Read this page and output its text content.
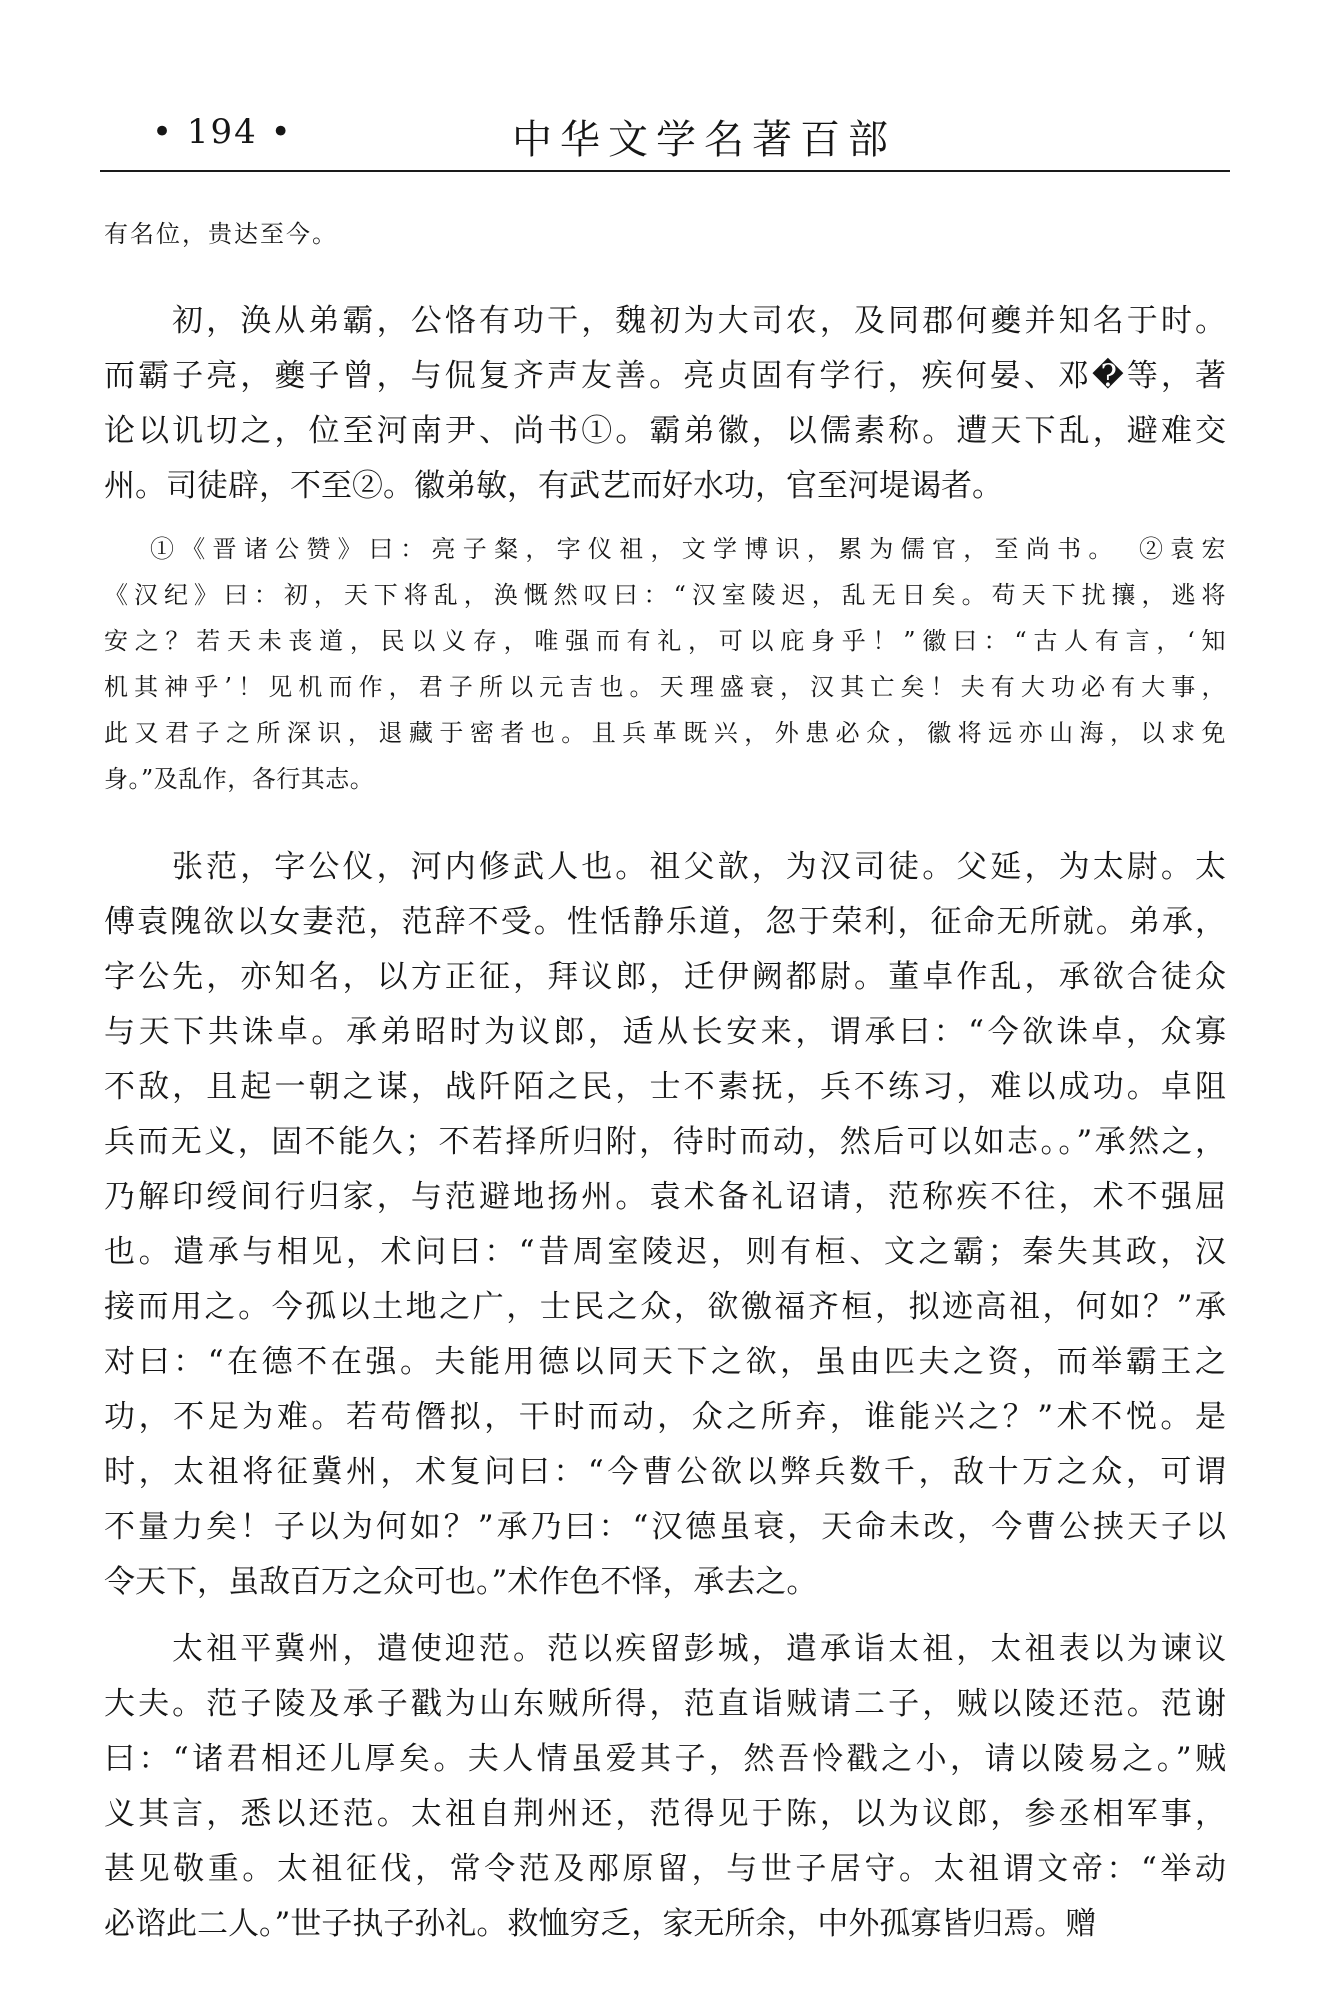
• 194 •	中华文学名著百部
有名位，贵达至今。
初，涣从弟霸，公恪有功干，魏初为大司农，及同郡何夔并知名于时。
而霸子亮，夔子曾，与侃复齐声友善。亮贞固有学行，疾何晏、邓�等，著
论以讥切之，位至河南尹、尚书①。霸弟徽，以儒素称。遭天下乱，避难交
州。司徒辟，不至②。徽弟敏，有武艺而好水功，官至河堤谒者。
①《晋诸公赞》曰：亮子粲，字仪祖，文学博识，累为儒官，至尚书。　②袁宏
《汉纪》曰：初，天下将乱，涣慨然叹曰：“汉室陵迟，乱无日矣。苟天下扰攘，逃将
安之？若天未丧道，民以义存，唯强而有礼，可以庇身乎！”徽曰：“古人有言，‘知
机其神乎’！见机而作，君子所以元吉也。天理盛衰，汉其亡矣！夫有大功必有大事，
此又君子之所深识，退藏于密者也。且兵革既兴，外患必众，徽将远亦山海，以求免
身。”及乱作，各行其志。
张范，字公仪，河内修武人也。祖父歆，为汉司徒。父延，为太尉。太
傅袁隗欲以女妻范，范辞不受。性恬静乐道，忽于荣利，征命无所就。弟承，
字公先，亦知名，以方正征，拜议郎，迁伊阙都尉。董卓作乱，承欲合徒众
与天下共诛卓。承弟昭时为议郎，适从长安来，谓承曰：“今欲诛卓，众寡
不敌，且起一朝之谋，战阡陌之民，士不素抚，兵不练习，难以成功。卓阻
兵而无义，固不能久；不若择所归附，待时而动，然后可以如志。。”承然之，
乃解印绶间行归家，与范避地扬州。袁术备礼诏请，范称疾不往，术不强屈
也。遣承与相见，术问曰：“昔周室陵迟，则有桓、文之霸；秦失其政，汉
接而用之。今孤以土地之广，士民之众，欲徼福齐桓，拟迹高祖，何如？”承
对曰：“在德不在强。夫能用德以同天下之欲，虽由匹夫之资，而举霸王之
功，不足为难。若苟僭拟，干时而动，众之所弃，谁能兴之？”术不悦。是
时，太祖将征冀州，术复问曰：“今曹公欲以弊兵数千，敌十万之众，可谓
不量力矣！子以为何如？”承乃曰：“汉德虽衰，天命未改，今曹公挟天子以
令天下，虽敌百万之众可也。”术作色不怿，承去之。
太祖平冀州，遣使迎范。范以疾留彭城，遣承诣太祖，太祖表以为谏议
大夫。范子陵及承子戳为山东贼所得，范直诣贼请二子，贼以陵还范。范谢
曰：“诸君相还儿厚矣。夫人情虽爱其子，然吾怜戳之小，请以陵易之。”贼
义其言，悉以还范。太祖自荆州还，范得见于陈，以为议郎，参丞相军事，
甚见敬重。太祖征伐，常令范及邴原留，与世子居守。太祖谓文帝：“举动
必谘此二人。”世子执子孙礼。救恤穷乏，家无所余，中外孤寡皆归焉。赠
